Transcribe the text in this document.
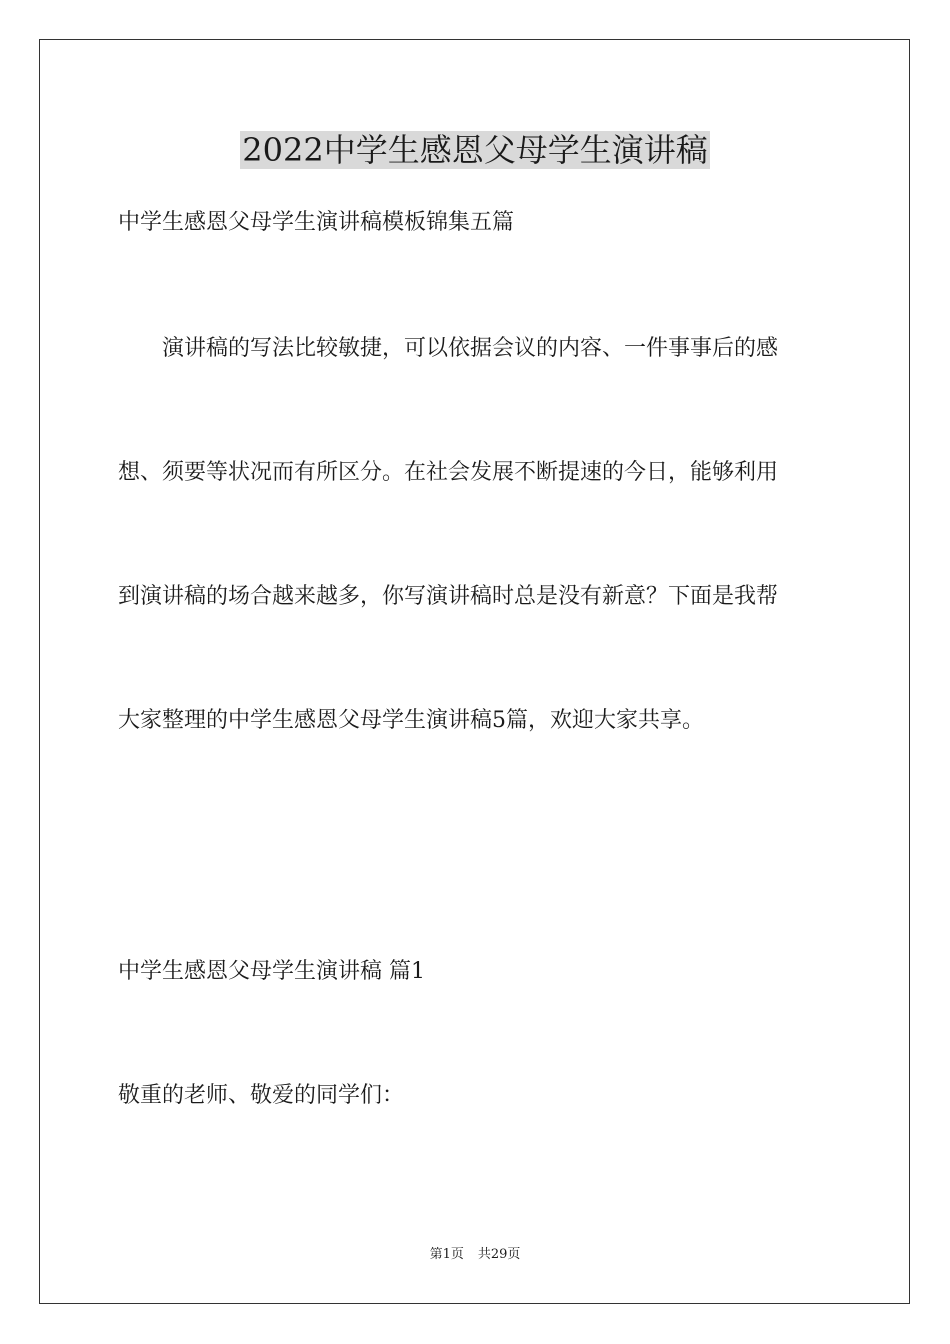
2022中学生感恩父母学生演讲稿

中学生感恩父母学生演讲稿模板锦集五篇

演讲稿的写法比较敏捷，可以依据会议的内容、一件事事后的感

想、须要等状况而有所区分。在社会发展不断提速的今日，能够利用

到演讲稿的场合越来越多，你写演讲稿时总是没有新意？下面是我帮

大家整理的中学生感恩父母学生演讲稿5篇，欢迎大家共享。

中学生感恩父母学生演讲稿 篇1

敬重的老师、敬爱的同学们：

第1页 共29页
